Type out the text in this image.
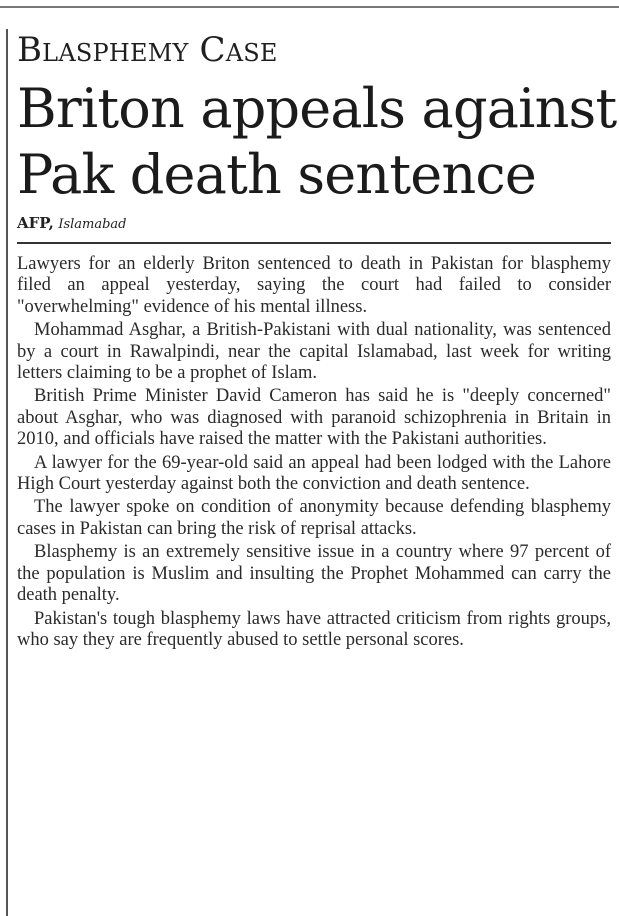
Blasphemy Case
Briton appeals against
Pak death sentence
AFP, Islamabad

Lawyers for an elderly Briton sentenced to death in Pakistan for blasphemy filed an appeal yesterday, saying the court had failed to consider "overwhelming" evidence of his mental illness.

Mohammad Asghar, a British-Pakistani with dual nationality, was sentenced by a court in Rawalpindi, near the capital Islamabad, last week for writing letters claiming to be a prophet of Islam.

British Prime Minister David Cameron has said he is "deeply concerned" about Asghar, who was diagnosed with paranoid schizophrenia in Britain in 2010, and officials have raised the matter with the Pakistani authorities.

A lawyer for the 69-year-old said an appeal had been lodged with the Lahore High Court yesterday against both the conviction and death sentence.

The lawyer spoke on condition of anonymity because defending blasphemy cases in Pakistan can bring the risk of reprisal attacks.

Blasphemy is an extremely sensitive issue in a country where 97 percent of the population is Muslim and insulting the Prophet Mohammed can carry the death penalty.

Pakistan's tough blasphemy laws have attracted criticism from rights groups, who say they are frequently abused to settle personal scores.
